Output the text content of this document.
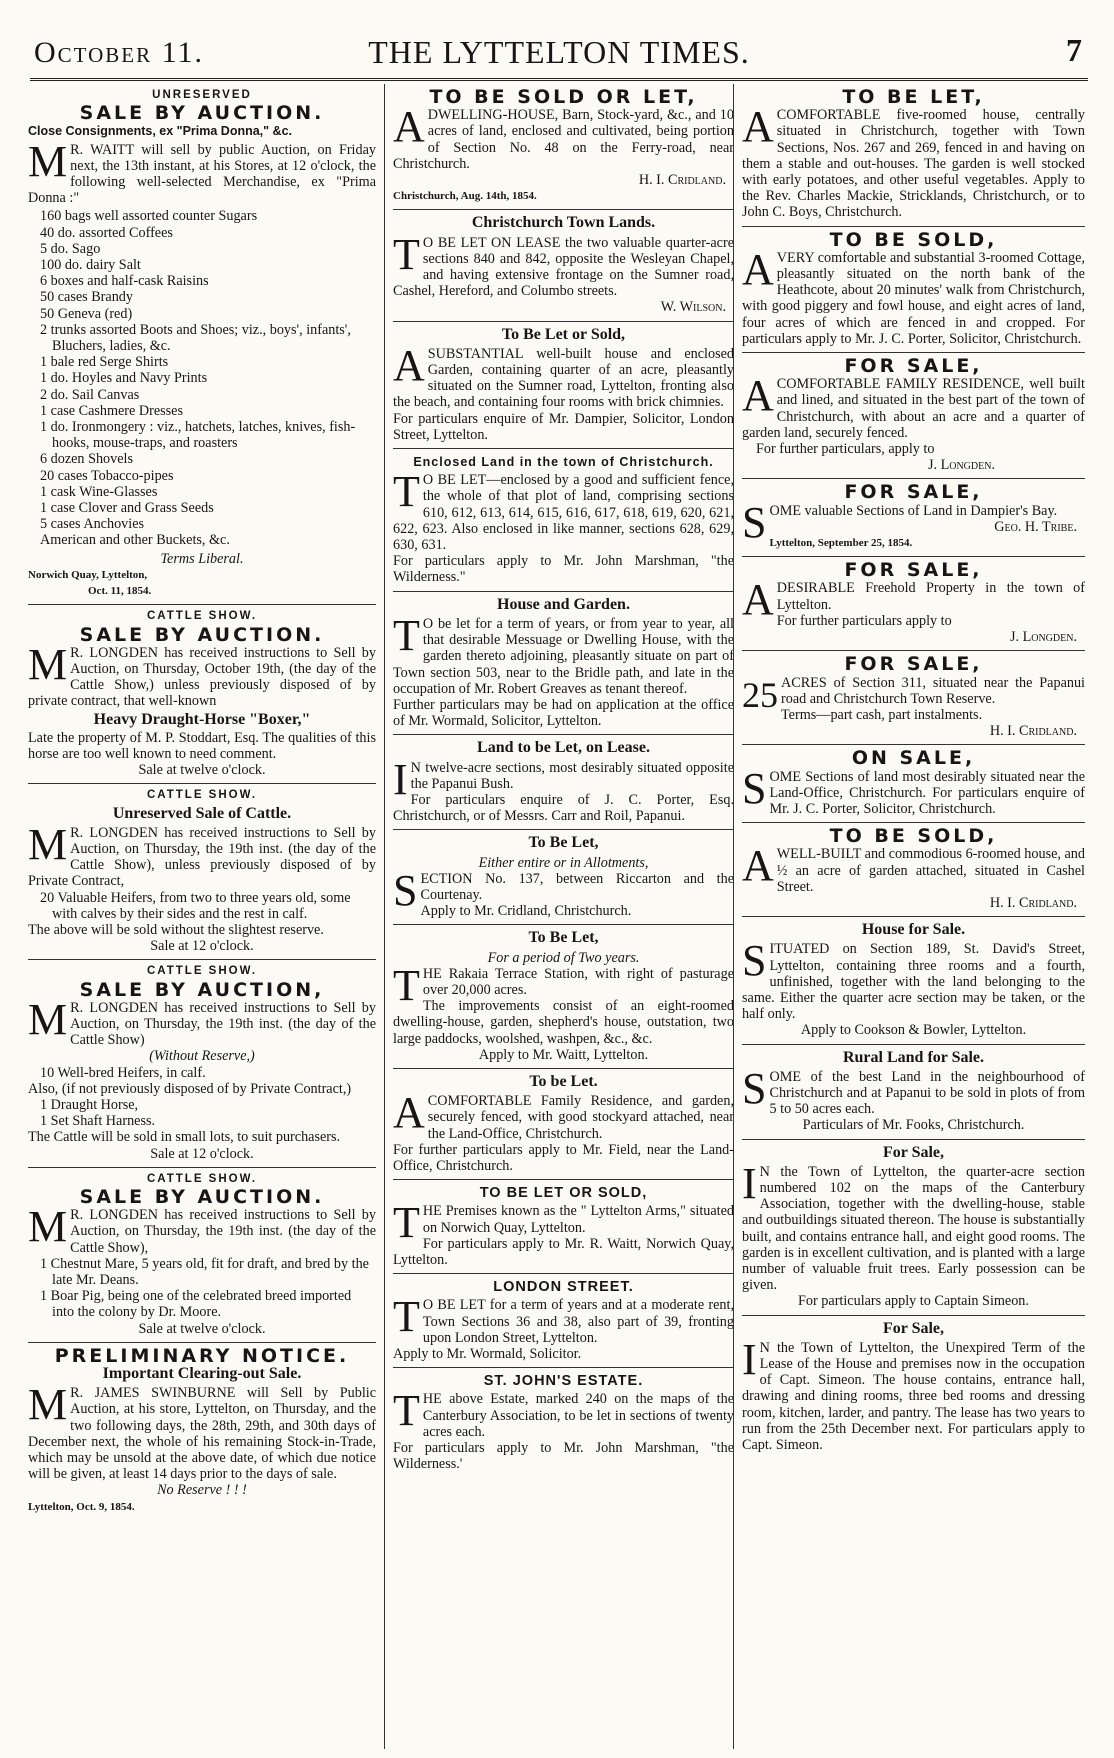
October 11.	THE LYTTELTON TIMES.	7
UNRESERVED
SALE BY AUCTION.

Close Consignments, ex "Prima Donna," &c.

M R. WAITT will sell by public Auction, on Friday next, the 13th instant, at his Stores, at 12 o'clock, the following well-selected Merchandise, ex "Prima Donna :"

160 bags well assorted counter Sugars
40 do. assorted Coffees
5 do. Sago
100 do. dairy Salt
6 boxes and half-cask Raisins
50 cases Brandy
50 Geneva (red)
2 trunks assorted Boots and Shoes; viz., boys', infants', Bluchers, ladies, &c.
1 bale red Serge Shirts
1 do. Hoyles and Navy Prints
2 do. Sail Canvas
1 case Cashmere Dresses
1 do. Ironmongery : viz., hatchets, latches, knives, fish-hooks, mouse-traps, and roasters
6 dozen Shovels
20 cases Tobacco-pipes
1 cask Wine-Glasses
1 case Clover and Grass Seeds
5 cases Anchovies
American and other Buckets, &c.

Terms Liberal.

Norwich Quay, Lyttelton,

Oct. 11, 1854.

CATTLE SHOW.
SALE BY AUCTION.

M R. LONGDEN has received instructions to Sell by Auction, on Thursday, October 19th, (the day of the Cattle Show,) unless previously disposed of by private contract, that well-known

Heavy Draught-Horse "Boxer,"

Late the property of M. P. Stoddart, Esq. The qualities of this horse are too well known to need comment.

Sale at twelve o'clock.

CATTLE SHOW.
Unreserved Sale of Cattle.

M R. LONGDEN has received instructions to Sell by Auction, on Thursday, the 19th inst. (the day of the Cattle Show), unless previously disposed of by Private Contract,

20 Valuable Heifers, from two to three years old, some with calves by their sides and the rest in calf.

The above will be sold without the slightest reserve.

Sale at 12 o'clock.

CATTLE SHOW.
SALE BY AUCTION,

M R. LONGDEN has received instructions to Sell by Auction, on Thursday, the 19th inst. (the day of the Cattle Show)

(Without Reserve,)

10 Well-bred Heifers, in calf.

Also, (if not previously disposed of by Private Contract,)

1 Draught Horse,
1 Set Shaft Harness.

The Cattle will be sold in small lots, to suit purchasers.

Sale at 12 o'clock.

CATTLE SHOW.
SALE BY AUCTION.

M R. LONGDEN has received instructions to Sell by Auction, on Thursday, the 19th inst. (the day of the Cattle Show),

1 Chestnut Mare, 5 years old, fit for draft, and bred by the late Mr. Deans.
1 Boar Pig, being one of the celebrated breed imported into the colony by Dr. Moore.

Sale at twelve o'clock.

PRELIMINARY NOTICE.
Important Clearing-out Sale.

M R. JAMES SWINBURNE will Sell by Public Auction, at his store, Lyttelton, on Thursday, and the two following days, the 28th, 29th, and 30th days of December next, the whole of his remaining Stock-in-Trade, which may be unsold at the above date, of which due notice will be given, at least 14 days prior to the days of sale.

No Reserve ! ! !

Lyttelton, Oct. 9, 1854.

TO BE SOLD OR LET,

ADWELLING-HOUSE, Barn, Stock-yard, &c., and 10 acres of land, enclosed and cultivated, being portion of Section No. 48 on the Ferry-road, near Christchurch.

H. I. Cridland.

Christchurch, Aug. 14th, 1854.

Christchurch Town Lands.

T O BE LET ON LEASE the two valuable quarter-acre sections 840 and 842, opposite the Wesleyan Chapel, and having extensive frontage on the Sumner road, Cashel, Hereford, and Columbo streets.

W. Wilson.

To Be Let or Sold,

ASUBSTANTIAL well-built house and enclosed Garden, containing quarter of an acre, pleasantly situated on the Sumner road, Lyttelton, fronting also the beach, and containing four rooms with brick chimnies.

For particulars enquire of Mr. Dampier, Solicitor, London Street, Lyttelton.

Enclosed Land in the town of Christchurch.

T O BE LET—enclosed by a good and sufficient fence, the whole of that plot of land, comprising sections 610, 612, 613, 614, 615, 616, 617, 618, 619, 620, 621, 622, 623. Also enclosed in like manner, sections 628, 629, 630, 631.

For particulars apply to Mr. John Marshman, "the Wilderness."

House and Garden.

T O be let for a term of years, or from year to year, all that desirable Messuage or Dwelling House, with the garden thereto adjoining, pleasantly situate on part of Town section 503, near to the Bridle path, and late in the occupation of Mr. Robert Greaves as tenant thereof.

Further particulars may be had on application at the office of Mr. Wormald, Solicitor, Lyttelton.

Land to be Let, on Lease.

I N twelve-acre sections, most desirably situated opposite the Papanui Bush.

For particulars enquire of J. C. Porter, Esq. Christchurch, or of Messrs. Carr and Roil, Papanui.

To Be Let,

Either entire or in Allotments,

SECTION No. 137, between Riccarton and the Courtenay.

Apply to Mr. Cridland, Christchurch.

To Be Let,

For a period of Two years.

THE Rakaia Terrace Station, with right of pasturage over 20,000 acres.

The improvements consist of an eight-roomed dwelling-house, garden, shepherd's house, outstation, two large paddocks, woolshed, washpen, &c., &c.

Apply to Mr. Waitt, Lyttelton.

To be Let.

ACOMFORTABLE Family Residence, and garden, securely fenced, with good stockyard attached, near the Land-Office, Christchurch.

For further particulars apply to Mr. Field, near the Land-Office, Christchurch.

TO BE LET OR SOLD,

THE Premises known as the " Lyttelton Arms," situated on Norwich Quay, Lyttelton.

For particulars apply to Mr. R. Waitt, Norwich Quay, Lyttelton.

LONDON STREET.

T O BE LET for a term of years and at a moderate rent, Town Sections 36 and 38, also part of 39, fronting upon London Street, Lyttelton.

Apply to Mr. Wormald, Solicitor.

ST. JOHN'S ESTATE.

THE above Estate, marked 240 on the maps of the Canterbury Association, to be let in sections of twenty acres each.

For particulars apply to Mr. John Marshman, "the Wilderness.'

TO BE LET,

ACOMFORTABLE five-roomed house, centrally situated in Christchurch, together with Town Sections, Nos. 267 and 269, fenced in and having on them a stable and out-houses. The garden is well stocked with early potatoes, and other useful vegetables. Apply to the Rev. Charles Mackie, Stricklands, Christchurch, or to John C. Boys, Christchurch.

TO BE SOLD,

AVERY comfortable and substantial 3-roomed Cottage, pleasantly situated on the north bank of the Heathcote, about 20 minutes' walk from Christchurch, with good piggery and fowl house, and eight acres of land, four acres of which are fenced in and cropped. For particulars apply to Mr. J. C. Porter, Solicitor, Christchurch.

FOR SALE,

ACOMFORTABLE FAMILY RESIDENCE, well built and lined, and situated in the best part of the town of Christchurch, with about an acre and a quarter of garden land, securely fenced.

For further particulars, apply to

J. Longden.

FOR SALE,

SOME valuable Sections of Land in Dampier's Bay.

Geo. H. Tribe.

Lyttelton, September 25, 1854.

FOR SALE,

ADESIRABLE Freehold Property in the town of Lyttelton.

For further particulars apply to

J. Longden.

FOR SALE,

25 ACRES of Section 311, situated near the Papanui road and Christchurch Town Reserve.

Terms—part cash, part instalments.

H. I. Cridland.

ON SALE,

SOME Sections of land most desirably situated near the Land-Office, Christchurch. For particulars enquire of Mr. J. C. Porter, Solicitor, Christchurch.

TO BE SOLD,

AWELL-BUILT and commodious 6-roomed house, and ½ an acre of garden attached, situated in Cashel Street.

H. I. Cridland.

House for Sale.

SITUATED on Section 189, St. David's Street, Lyttelton, containing three rooms and a fourth, unfinished, together with the land belonging to the same. Either the quarter acre section may be taken, or the half only.

Apply to Cookson & Bowler, Lyttelton.

Rural Land for Sale.

SOME of the best Land in the neighbourhood of Christchurch and at Papanui to be sold in plots of from 5 to 50 acres each.

Particulars of Mr. Fooks, Christchurch.

For Sale,

I N the Town of Lyttelton, the quarter-acre section numbered 102 on the maps of the Canterbury Association, together with the dwelling-house, stable and outbuildings situated thereon. The house is substantially built, and contains entrance hall, and eight good rooms. The garden is in excellent cultivation, and is planted with a large number of valuable fruit trees. Early possession can be given.

For particulars apply to Captain Simeon.

For Sale,

I N the Town of Lyttelton, the Unexpired Term of the Lease of the House and premises now in the occupation of Capt. Simeon. The house contains, entrance hall, drawing and dining rooms, three bed rooms and dressing room, kitchen, larder, and pantry. The lease has two years to run from the 25th December next. For particulars apply to Capt. Simeon.
